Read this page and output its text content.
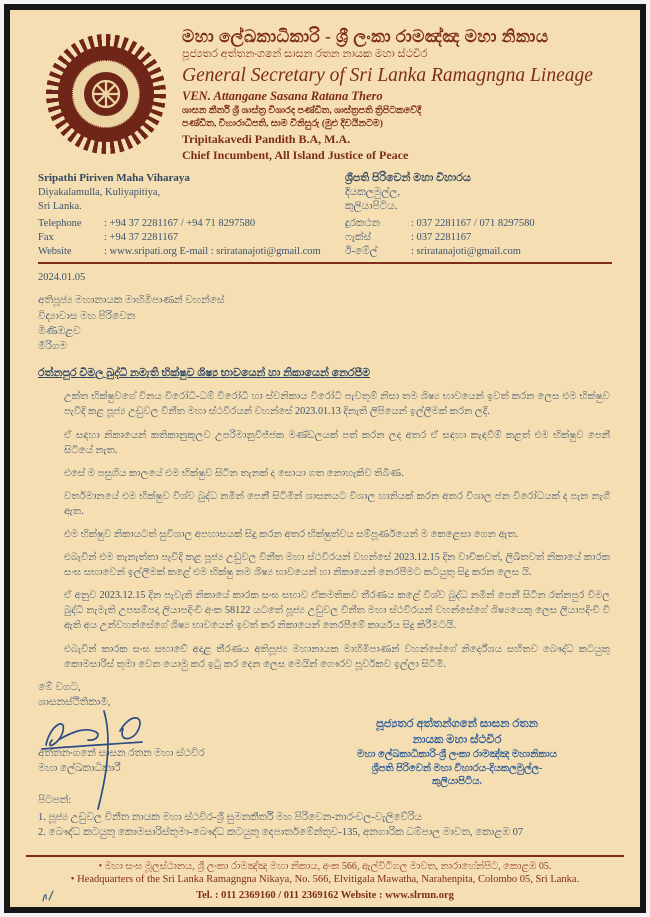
මහා ලේඛකාධිකාරි - ශ්‍රී ලංකා රාමඤ්ඤ මහා නිකාය
පූජ්‍යතර අත්තනංගනේ සාසන රතන නායක මහා ස්ථවිර
General Secretary of Sri Lanka Ramagngna Lineage
VEN. Attangane Sasana Ratana Thero
ශාසන කීර්ති ශ්‍රී ශාස්ත්‍ර විශාරද පණ්ඩිත, ශාස්ත්‍රපති ත්‍රිපිටකවේදී
පණ්ඩිත, විහාරාධිපති, සාම විනිසුරු (මුළු දිවයිනටම)
Tripitakavedi Pandith B.A, M.A.
Chief Incumbent, All Island Justice of Peace
Sripathi Piriven Maha Viharaya
Diyakalamulla, Kuliyapitiya,
Sri Lanka.
Telephone	: +94 37 2281167 / +94 71 8297580
Fax	: +94 37 2281167
Website	: www.sripati.org E-mail : sriratanajoti@gmail.com
ශ්‍රීපති පිරිවෙන් මහා විහාරය
දියකලමුල්ල,
කුලියාපිටිය.
දුරකථන	: 037 2281167 / 071 8297580
ෆැක්ස්	: 037 2281167
ඊ-මේල්	: sriratanajoti@gmail.com
2024.01.05
අතිපූජ්‍ය මහානායක මාහිමිපාණන් වහන්සේ
විද්‍යාවාස මහ පිරිවෙන
මිණිඹළව
මීරිගම
රත්නපුර විමල බුද්ධි නමැති භික්ෂුව ශිෂ්‍ය භාවයෙන් හා නිකායෙන් නෙරපීම

උක්ත භික්ෂුවගේ විනය විරෝධි-ධම් විරෝධි හා ස්වනිකාය විරෝධි පැවතුම් නිසා තම ශිෂ්‍ය භාවයෙන් ඉවත් කරන ලෙස එම භික්ෂුව පැවිදි කළ පූජ්‍ය උඩුවල විනීත මහා ස්ථවිරයන් වහන්සේ 2023.01.13 දිනැති ලිපියෙන් ඉල්ලීමක් කරන ලදී.

ඒ සඳහා නිකායෙන් කතිකානුකූලව උපරිමානුවිජ්ජක මණ්ඩලයක් පත් කරන ලද අතර ඒ සඳහා කැඳවීම් කළත් එම භික්ෂුව පෙනී සිටියේ නැත.

එසේ ම පසුගිය කාලයේ එම භික්ෂුව සිටින තැනක් ද සොයා ගත නොහැකිව තිබිණ.

වර්තමානයේ එම භික්ෂුව විශ්ව බුද්ධ නමින් පෙනී සිටිමින් ශාසනයට විශාල හානියක් කරන අතර විශාල ජන විරෝධයක් ද පැන නැගී ඇත.

එම භික්ෂුව නිකායටත් සුවිශාල අපහාසයක් සිදු කරන අතර භික්ෂුත්වය සම්පූර්ණයෙන් ම කෙළෙසා ගෙන ඇත.

එබැවින් එම තැනැත්තා පැවිදි කළ පූජ්‍ය උඩුවල විනීත මහා ස්ථවිරයන් වහන්සේ 2023.12.15 දින වාචිකවත්, ලිඛිතවත් නිකායේ කාරක සංඝ සභාවෙන් ඉල්ලීමක් කළේ එම භික්ෂු නම ශිෂ්‍ය භාවයෙන් හා නිකායෙන් නෙරපීමට කටයුතු සිදු කරන ලෙස යි.

ඒ අනුව 2023.12.15 දින පැවැති නිකායේ කාරක සංඝ සභාව ඒකමතිකව තීරණය කළේ විශ්ව බුද්ධ නමින් පෙනී සිටින රත්නපුර විමල බුද්ධි නැමැති උපසම්පදා ලියාපදිංචි අංක 58122 යටතේ පූජ්‍ය උඩුවල විනීත මහා ස්ථවිරයන් වහන්සේගේ ශිෂ්‍යයෙකු ලෙස ලියාපදිංචි වී ඇති අය උන්වහන්සේගේ ශිෂ්‍ය භාවයෙන් ඉවත් කර නිකායෙන් නෙරපීමේ කාර්යය සිදු කිරීමටයි.

එබැවින් කාරක සංඝ සභාවේ අදාළ තීරණය අතිපූජ්‍ය මහානායක මාහිමිපාණන් වහන්සේගේ නිර්දේශය සහිතව බෞද්ධ කටයුතු කොමසාරිස් තුමා වෙත යොමු කර ඉටු කර දෙන ලෙස මෙයින් ගෞරව පූර්වකව ඉල්ලා සිටිමි.

මේ වගට,
ශාසනස්ථිතිකාමී,
අත්තනංගනේ සාසන රතන මහා ස්ථවිර
මහා ලේඛකාධිකාරී
පූජ්‍යතර අත්තන්ගනේ සාසන රතන
නායක මහා ස්ථවිර
මහා ලේඛකාධිකාරි-ශ්‍රී ලංකා රාමඤ්ඤ මහානිකාය
ශ්‍රීපති පිරිවෙන් මහා විහාරය-දියකලමුල්ල-
කුලියාපිටිය.
පිටපත්:
1. පූජ්‍ය උඩුවල විනීත නායක මහා ස්ථවිර-ශ්‍රී සුමනකීර්ති මහ පිරිවෙන-නාරංවල-වැලිවේරිය
2. බෞද්ධ කටයුතු කොමසාරිස්තුමා-බෞද්ධ කටයුතු දෙපාර්තමේන්තුව-135, අනගාරික ධම්පාල මාවත, කොළඹ 07
• මහා සංඝ මූලස්ථානය, ශ්‍රී ලංකා රාමඤ්ඤ මහා නිකාය, අංක 566, ඇල්විටිගල මාවත, නාරාහේන්පිට, කොළඹ 05.
• Headquarters of the Sri Lanka Ramagngna Nikaya, No. 566, Elvitigala Mawatha, Narahenpita, Colombo 05, Sri Lanka.
Tel. : 011 2369160 / 011 2369162 Website : www.slrmn.org
